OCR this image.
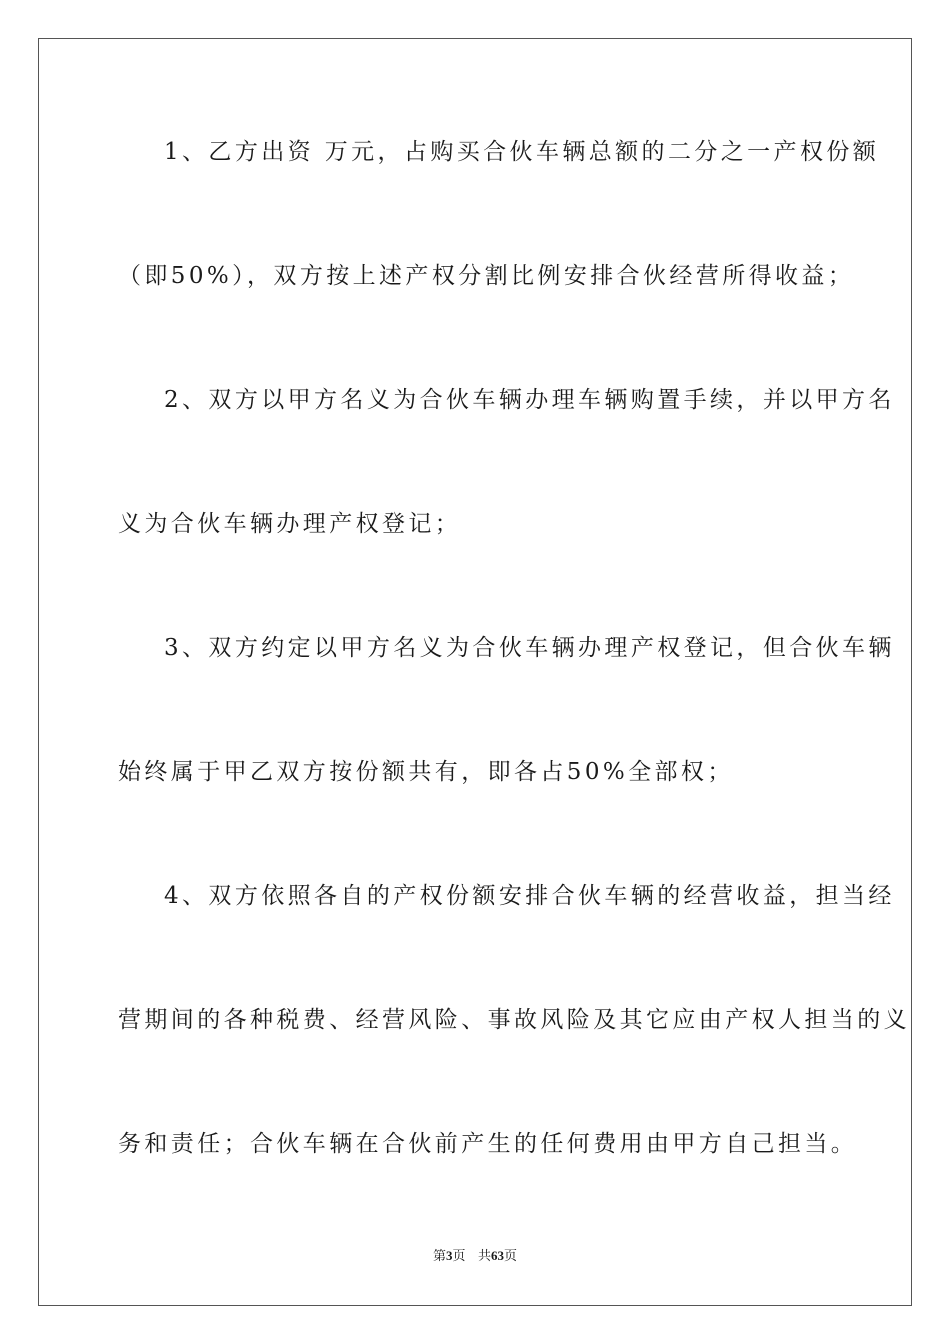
1、乙方出资 万元，占购买合伙车辆总额的二分之一产权份额
（即50%），双方按上述产权分割比例安排合伙经营所得收益；
2、双方以甲方名义为合伙车辆办理车辆购置手续，并以甲方名
义为合伙车辆办理产权登记；
3、双方约定以甲方名义为合伙车辆办理产权登记，但合伙车辆
始终属于甲乙双方按份额共有，即各占50%全部权；
4、双方依照各自的产权份额安排合伙车辆的经营收益，担当经
营期间的各种税费、经营风险、事故风险及其它应由产权人担当的义
务和责任；合伙车辆在合伙前产生的任何费用由甲方自己担当。
第3页 共63页
